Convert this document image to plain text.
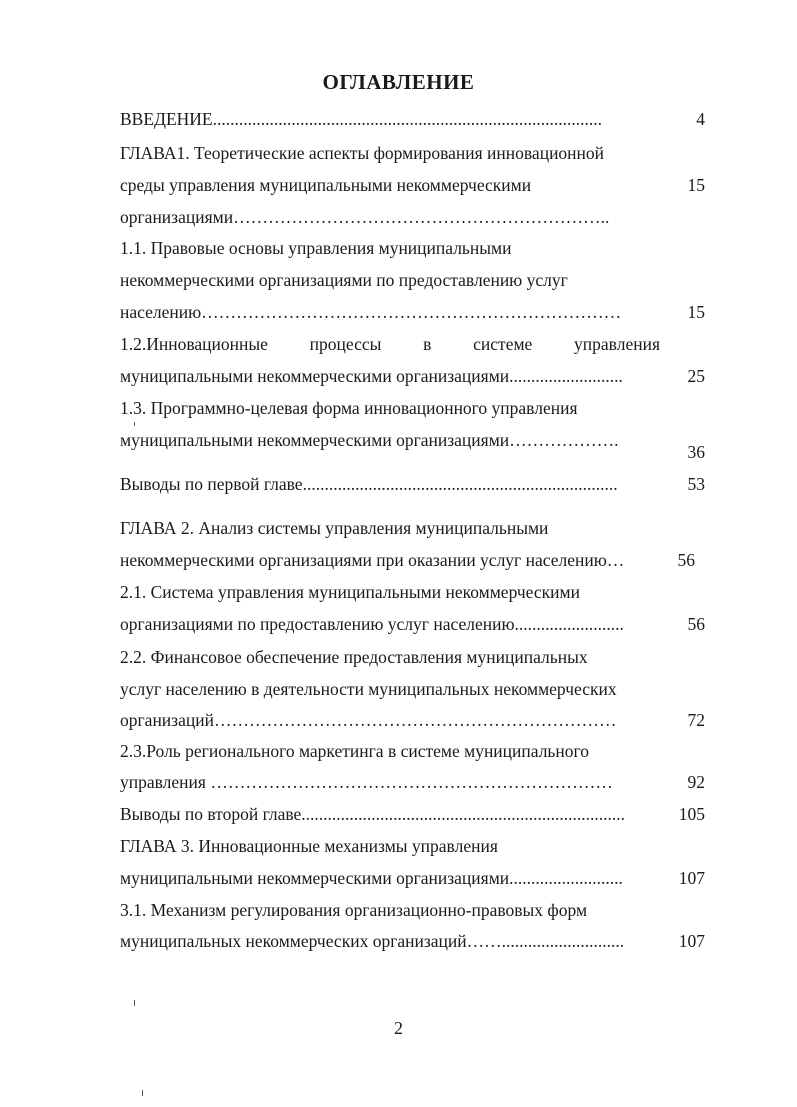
ОГЛАВЛЕНИЕ
ВВЕДЕНИЕ.........................................................................................
ГЛАВА1. Теоретические аспекты формирования инновационной
среды управления муниципальными некоммерческими
организациями………………………………………………………..
1.1. Правовые основы управления муниципальными
некоммерческими организациями по предоставлению услуг
населению………………………………………………………………
1.2.Инновационные процессы в системе управления
муниципальными некоммерческими организациями..........................
1.3. Программно-целевая форма инновационного управления
муниципальными некоммерческими организациями……………….
Выводы по первой главе........................................................................
ГЛАВА 2. Анализ системы управления муниципальными
некоммерческими организациями при оказании услуг населению…
2.1. Система управления муниципальными некоммерческими
организациями по предоставлению услуг населению.........................
2.2. Финансовое обеспечение предоставления муниципальных
услуг населению в деятельности муниципальных некоммерческих
организаций……………………………………………………………
2.3.Роль регионального маркетинга в системе муниципального
управления ……………………………………………………………
Выводы по второй главе..........................................................................
ГЛАВА 3. Инновационные механизмы управления
муниципальными некоммерческими организациями..........................
3.1. Механизм регулирования организационно-правовых форм
муниципальных некоммерческих организаций……............................
4
15
15
25
36
53
56
56
72
92
105
107
107
2
